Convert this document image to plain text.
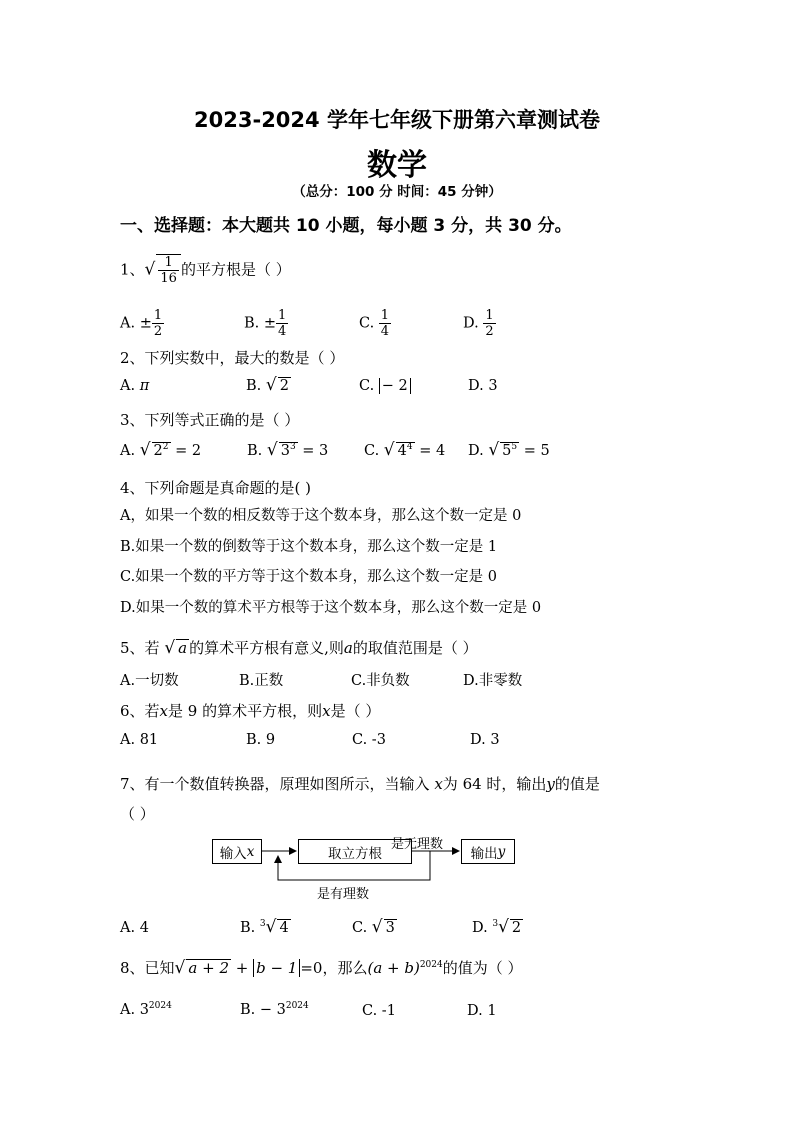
2023-2024 学年七年级下册第六章测试卷
数学
（总分：100 分 时间：45 分钟）
一、选择题：本大题共 10 小题，每小题 3 分，共 30 分。
1、√ $\frac{1}{16}$ 的平方根是（ ）
A. ± $\frac{1}{2}$	B. ± $\frac{1}{4}$	C. $\frac{1}{4}$	D. $\frac{1}{2}$
2、下列实数中，最大的数是（ ）
A. π	B. √ 2	C. − 2	D. 3
3、下列等式正确的是（ ）
A. √ $2^2 = 2$	B. √ $3^3 = 3$ C. √ $4^4 = 4$ D. √ $5^5 = 5$
4、下列命题是真命题的是( )
A，如果一个数的相反数等于这个数本身，那么这个数一定是 0
B.如果一个数的倒数等于这个数本身，那么这个数一定是 1
C.如果一个数的平方等于这个数本身，那么这个数一定是 0
D.如果一个数的算术平方根等于这个数本身，那么这个数一定是 0
5、若 √ a 的算术平方根有意义,则a的取值范围是（ ）
A.一切数	B.正数	C.非负数	D.非零数
6、若x是 9 的算术平方根，则x是（ ）
A. 81	B. 9	C. -3	D. 3
7、有一个数值转换器，原理如图所示，当输入 x为 64 时，输出y的值是
（ ）
输入 x	取立方根	输出 y
是无理数
是有理数
A. 4	B. $^3$√ 4	C. √ 3	D. $^3$√ 2
8、已知√ a + 2 + b − 1 =0，那么$(a + b)^{2024}$的值为（ ）
A. $3^{2024}$	B. − $3^{2024}$	C. -1	D. 1
